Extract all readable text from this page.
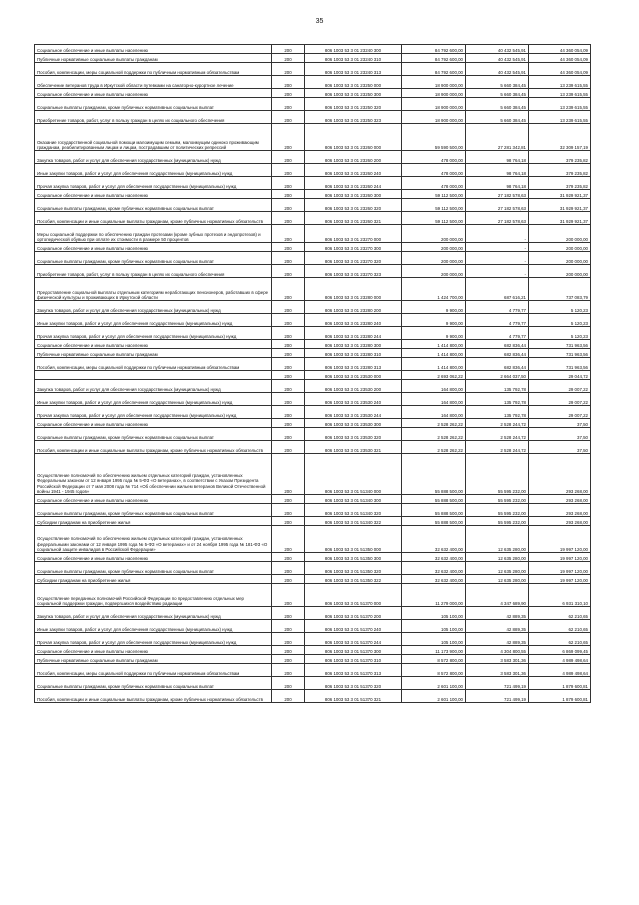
35
Социальное обеспечение и иные выплаты населению	200	806 1003 53 3 01 23240 300	84 792 600,00	40 432 545,91	44 360 054,09
Публичные нормативные социальные выплаты гражданам	200	806 1003 53 3 01 23240 310	84 792 600,00	40 432 545,91	44 360 054,09
Пособия, компенсации, меры социальной поддержки по публичным нормативным обязательствам	200	806 1003 53 3 01 23240 313	84 792 600,00	40 432 545,91	44 360 054,09
Обеспечение ветеранов труда в Иркутской области путевками на санаторно-курортное лечение	200	806 1003 53 3 01 23250 000	18 900 000,00	5 660 384,45	13 239 615,55
Социальное обеспечение и иные выплаты населению	200	806 1003 53 3 01 23250 300	18 900 000,00	5 660 384,45	13 239 615,55
Социальные выплаты гражданам, кроме публичных нормативных социальных выплат	200	806 1003 53 3 01 23250 320	18 900 000,00	5 660 384,45	13 239 615,55
Приобретение товаров, работ, услуг в пользу граждан в целях их социального обеспечения	200	806 1003 53 3 01 23250 323	18 900 000,00	5 660 384,45	13 239 615,55
Оказание государственной социальной помощи малоимущим семьям, малоимущим одиноко проживающим гражданам, реабилитированным лицам и лицам, пострадавшим от политических репрессий	200	806 1003 53 3 01 23260 000	59 590 500,00	27 281 342,81	32 309 157,19
Закупка товаров, работ и услуг для обеспечения государственных (муниципальных) нужд	200	806 1003 53 3 01 23260 200	478 000,00	98 764,18	379 235,82
Иные закупки товаров, работ и услуг для обеспечения государственных (муниципальных) нужд	200	806 1003 53 3 01 23260 240	478 000,00	98 764,18	379 235,82
Прочая закупка товаров, работ и услуг для обеспечения государственных (муниципальных) нужд	200	806 1003 53 3 01 23260 244	478 000,00	98 764,18	379 235,82
Социальное обеспечение и иные выплаты населению	200	806 1003 53 3 01 23260 300	59 112 500,00	27 182 578,63	31 929 921,37
Социальные выплаты гражданам, кроме публичных нормативных социальных выплат	200	806 1003 53 3 01 23260 320	59 112 500,00	27 182 578,63	31 929 921,37
Пособия, компенсации и иные социальные выплаты гражданам, кроме публичных нормативных обязательств	200	806 1003 53 3 01 23260 321	59 112 500,00	27 182 578,63	31 929 921,37
Меры социальной поддержки по обеспечению граждан протезами (кроме зубных протезов и эндопротезов) и ортопедической обувью при оплате их стоимости в размере 50 процентов	200	806 1003 53 3 01 23270 000	200 000,00	-	200 000,00
Социальное обеспечение и иные выплаты населению	200	806 1003 53 3 01 23270 300	200 000,00	-	200 000,00
Социальные выплаты гражданам, кроме публичных нормативных социальных выплат	200	806 1003 53 3 01 23270 320	200 000,00	-	200 000,00
Приобретение товаров, работ, услуг в пользу граждан в целях их социального обеспечения	200	806 1003 53 3 01 23270 323	200 000,00	-	200 000,00
Предоставление социальной выплаты отдельным категориям неработающих пенсионеров, работавших в сфере физической культуры и проживающих в Иркутской области	200	806 1003 53 3 01 23280 000	1 424 700,00	687 616,21	737 083,79
Закупка товаров, работ и услуг для обеспечения государственных (муниципальных) нужд	200	806 1003 53 3 01 23280 200	9 900,00	4 779,77	5 120,23
Иные закупки товаров, работ и услуг для обеспечения государственных (муниципальных) нужд	200	806 1003 53 3 01 23280 240	9 900,00	4 779,77	5 120,23
Прочая закупка товаров, работ и услуг для обеспечения государственных (муниципальных) нужд	200	806 1003 53 3 01 23280 244	9 900,00	4 779,77	5 120,23
Социальное обеспечение и иные выплаты населению	200	806 1003 53 3 01 23280 300	1 414 800,00	682 836,44	731 963,56
Публичные нормативные социальные выплаты гражданам	200	806 1003 53 3 01 23280 310	1 414 800,00	682 836,44	731 963,56
Пособия, компенсации, меры социальной поддержки по публичным нормативным обязательствам	200	806 1003 53 3 01 23280 313	1 414 800,00	682 836,44	731 963,56
	200	806 1003 53 3 01 23530 000	2 693 062,22	2 664 037,50	29 044,72
Закупка товаров, работ и услуг для обеспечения государственных (муниципальных) нужд	200	806 1003 53 3 01 23530 200	164 800,00	135 792,78	29 007,22
Иные закупки товаров, работ и услуг для обеспечения государственных (муниципальных) нужд	200	806 1003 53 3 01 23530 240	164 800,00	135 792,78	29 007,22
Прочая закупка товаров, работ и услуг для обеспечения государственных (муниципальных) нужд	200	806 1003 53 3 01 23530 244	164 800,00	135 792,78	29 007,22
Социальное обеспечение и иные выплаты населению	200	806 1003 53 3 01 23530 300	2 528 262,22	2 528 244,72	37,50
Социальные выплаты гражданам, кроме публичных нормативных социальных выплат	200	806 1003 53 3 01 23530 320	2 528 262,22	2 528 244,72	37,50
Пособия, компенсации и иные социальные выплаты гражданам, кроме публичных нормативных обязательств	200	806 1003 53 3 01 23530 321	2 528 262,22	2 528 244,72	37,50
Осуществление полномочий по обеспечению жильем отдельных категорий граждан, установленных Федеральным законом от 12 января 1995 года № 5-ФЗ «О ветеранах», в соответствии с Указом Президента Российской Федерации от 7 мая 2008 года № 714 «Об обеспечении жильем ветеранов Великой Отечественной войны 1941 - 1945 годов»	200	806 1003 53 3 01 51340 000	55 888 500,00	55 595 232,00	293 268,00
Социальное обеспечение и иные выплаты населению	200	806 1003 53 3 01 51340 300	55 888 500,00	55 595 232,00	293 268,00
Социальные выплаты гражданам, кроме публичных нормативных социальных выплат	200	806 1003 53 3 01 51340 320	55 888 500,00	55 595 232,00	293 268,00
Субсидии гражданам на приобретение жилья	200	806 1003 53 3 01 51340 322	55 888 500,00	55 595 232,00	293 268,00
Осуществление полномочий по обеспечению жильем отдельных категорий граждан, установленных федеральными законами от 12 января 1995 года № 5-ФЗ «О ветеранах» и от 24 ноября 1995 года № 181-ФЗ «О социальной защите инвалидов в Российской Федерации»	200	806 1003 53 3 01 51350 000	32 632 400,00	12 635 280,00	19 997 120,00
Социальное обеспечение и иные выплаты населению	200	806 1003 53 3 01 51350 300	32 632 400,00	12 635 280,00	19 997 120,00
Социальные выплаты гражданам, кроме публичных нормативных социальных выплат	200	806 1003 53 3 01 51350 320	32 632 400,00	12 635 280,00	19 997 120,00
Субсидии гражданам на приобретение жилья	200	806 1003 53 3 01 51350 322	32 632 400,00	12 635 280,00	19 997 120,00
Осуществление переданных полномочий Российской Федерации по предоставлению отдельных мер социальной поддержки граждан, подвергшихся воздействию радиации	200	806 1003 53 3 01 51370 000	11 279 000,00	4 347 689,90	6 931 310,10
Закупка товаров, работ и услуг для обеспечения государственных (муниципальных) нужд	200	806 1003 53 3 01 51370 200	105 100,00	42 889,35	62 210,65
Иные закупки товаров, работ и услуг для обеспечения государственных (муниципальных) нужд	200	806 1003 53 3 01 51370 240	105 100,00	42 889,35	62 210,65
Прочая закупка товаров, работ и услуг для обеспечения государственных (муниципальных) нужд	200	806 1003 53 3 01 51370 244	105 100,00	42 889,35	62 210,65
Социальное обеспечение и иные выплаты населению	200	806 1003 53 3 01 51370 300	11 173 900,00	4 304 800,55	6 869 099,45
Публичные нормативные социальные выплаты гражданам	200	806 1003 53 3 01 51370 310	8 572 800,00	3 583 301,36	4 989 498,64
Пособия, компенсации, меры социальной поддержки по публичным нормативным обязательствам	200	806 1003 53 3 01 51370 313	8 572 800,00	3 583 301,36	4 989 498,64
Социальные выплаты гражданам, кроме публичных нормативных социальных выплат	200	806 1003 53 3 01 51370 320	2 601 100,00	721 499,19	1 879 600,81
Пособия, компенсации и иные социальные выплаты гражданам, кроме публичных нормативных обязательств	200	806 1003 53 3 01 51370 321	2 601 100,00	721 499,19	1 879 600,81
